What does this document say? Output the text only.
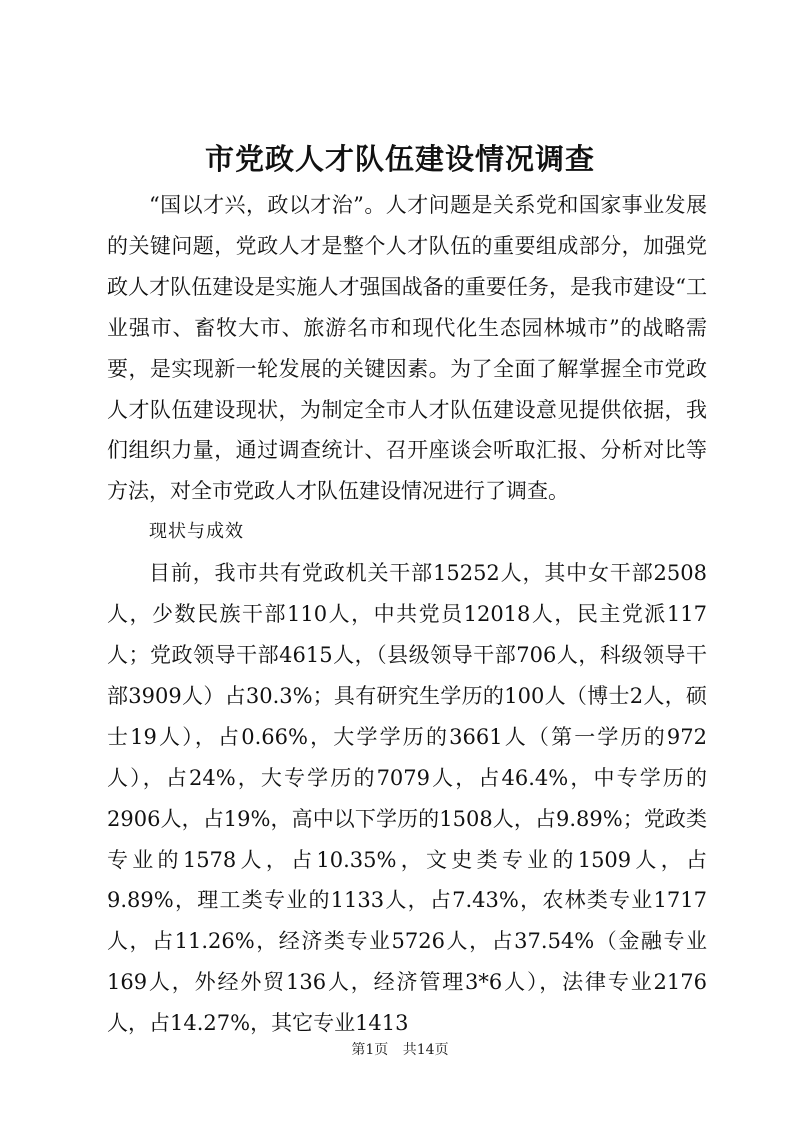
市党政人才队伍建设情况调查

“国以才兴，政以才治”。人才问题是关系党和国家事业发展的关键问题，党政人才是整个人才队伍的重要组成部分，加强党政人才队伍建设是实施人才强国战备的重要任务，是我市建设“工业强市、畜牧大市、旅游名市和现代化生态园林城市”的战略需要，是实现新一轮发展的关键因素。为了全面了解掌握全市党政人才队伍建设现状，为制定全市人才队伍建设意见提供依据，我们组织力量，通过调查统计、召开座谈会听取汇报、分析对比等方法，对全市党政人才队伍建设情况进行了调查。

现状与成效

目前，我市共有党政机关干部15252人，其中女干部2508人，少数民族干部110人，中共党员12018人，民主党派117人；党政领导干部4615人，（县级领导干部706人，科级领导干部3909人）占30.3%；具有研究生学历的100人（博士2人，硕士19人），占0.66%，大学学历的3661人（第一学历的972人），占24%，大专学历的7079人，占46.4%，中专学历的2906人，占19%，高中以下学历的1508人，占9.89%；党政类专业的1578人，占10.35%，文史类专业的1509人，占9.89%，理工类专业的1133人，占7.43%，农林类专业1717人，占11.26%，经济类专业5726人，占37.54%（金融专业169人，外经外贸136人，经济管理3*6人），法律专业2176人，占14.27%，其它专业1413

第1页 共14页
